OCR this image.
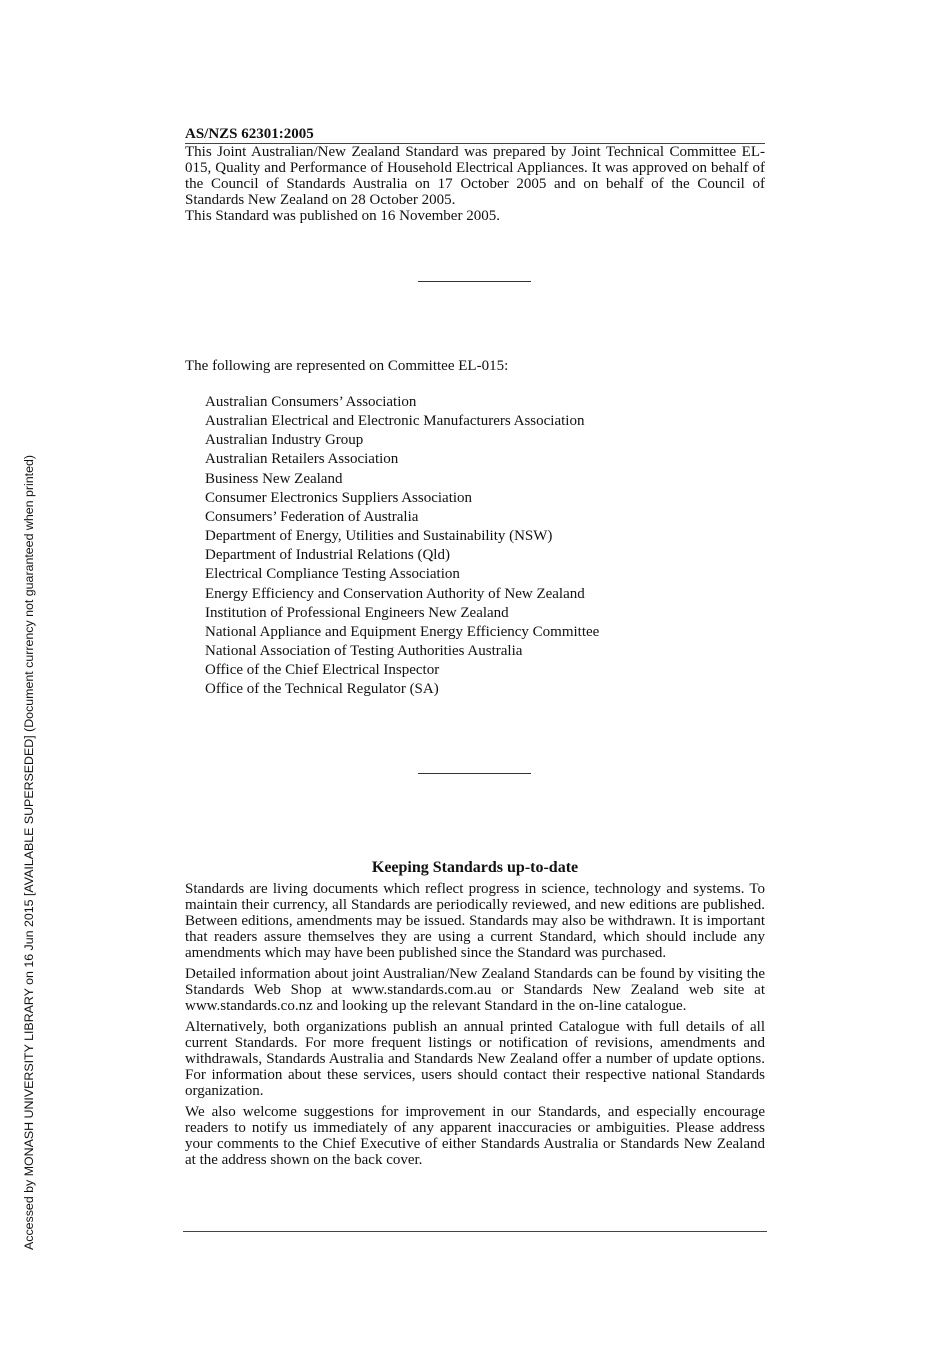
Accessed by MONASH UNIVERSITY LIBRARY on 16 Jun 2015 [AVAILABLE SUPERSEDED] (Document currency not guaranteed when printed)
AS/NZS 62301:2005

This Joint Australian/New Zealand Standard was prepared by Joint Technical Committee EL-015, Quality and Performance of Household Electrical Appliances. It was approved on behalf of the Council of Standards Australia on 17 October 2005 and on behalf of the Council of Standards New Zealand on 28 October 2005.

This Standard was published on 16 November 2005.

The following are represented on Committee EL-015:
Australian Consumers’ Association
Australian Electrical and Electronic Manufacturers Association
Australian Industry Group
Australian Retailers Association
Business New Zealand
Consumer Electronics Suppliers Association
Consumers’ Federation of Australia
Department of Energy, Utilities and Sustainability (NSW)
Department of Industrial Relations (Qld)
Electrical Compliance Testing Association
Energy Efficiency and Conservation Authority of New Zealand
Institution of Professional Engineers New Zealand
National Appliance and Equipment Energy Efficiency Committee
National Association of Testing Authorities Australia
Office of the Chief Electrical Inspector
Office of the Technical Regulator (SA)

Keeping Standards up-to-date

Standards are living documents which reflect progress in science, technology and systems. To maintain their currency, all Standards are periodically reviewed, and new editions are published. Between editions, amendments may be issued. Standards may also be withdrawn. It is important that readers assure themselves they are using a current Standard, which should include any amendments which may have been published since the Standard was purchased.

Detailed information about joint Australian/New Zealand Standards can be found by visiting the Standards Web Shop at www.standards.com.au or Standards New Zealand web site at www.standards.co.nz and looking up the relevant Standard in the on-line catalogue.

Alternatively, both organizations publish an annual printed Catalogue with full details of all current Standards. For more frequent listings or notification of revisions, amendments and withdrawals, Standards Australia and Standards New Zealand offer a number of update options. For information about these services, users should contact their respective national Standards organization.

We also welcome suggestions for improvement in our Standards, and especially encourage readers to notify us immediately of any apparent inaccuracies or ambiguities. Please address your comments to the Chief Executive of either Standards Australia or Standards New Zealand at the address shown on the back cover.
